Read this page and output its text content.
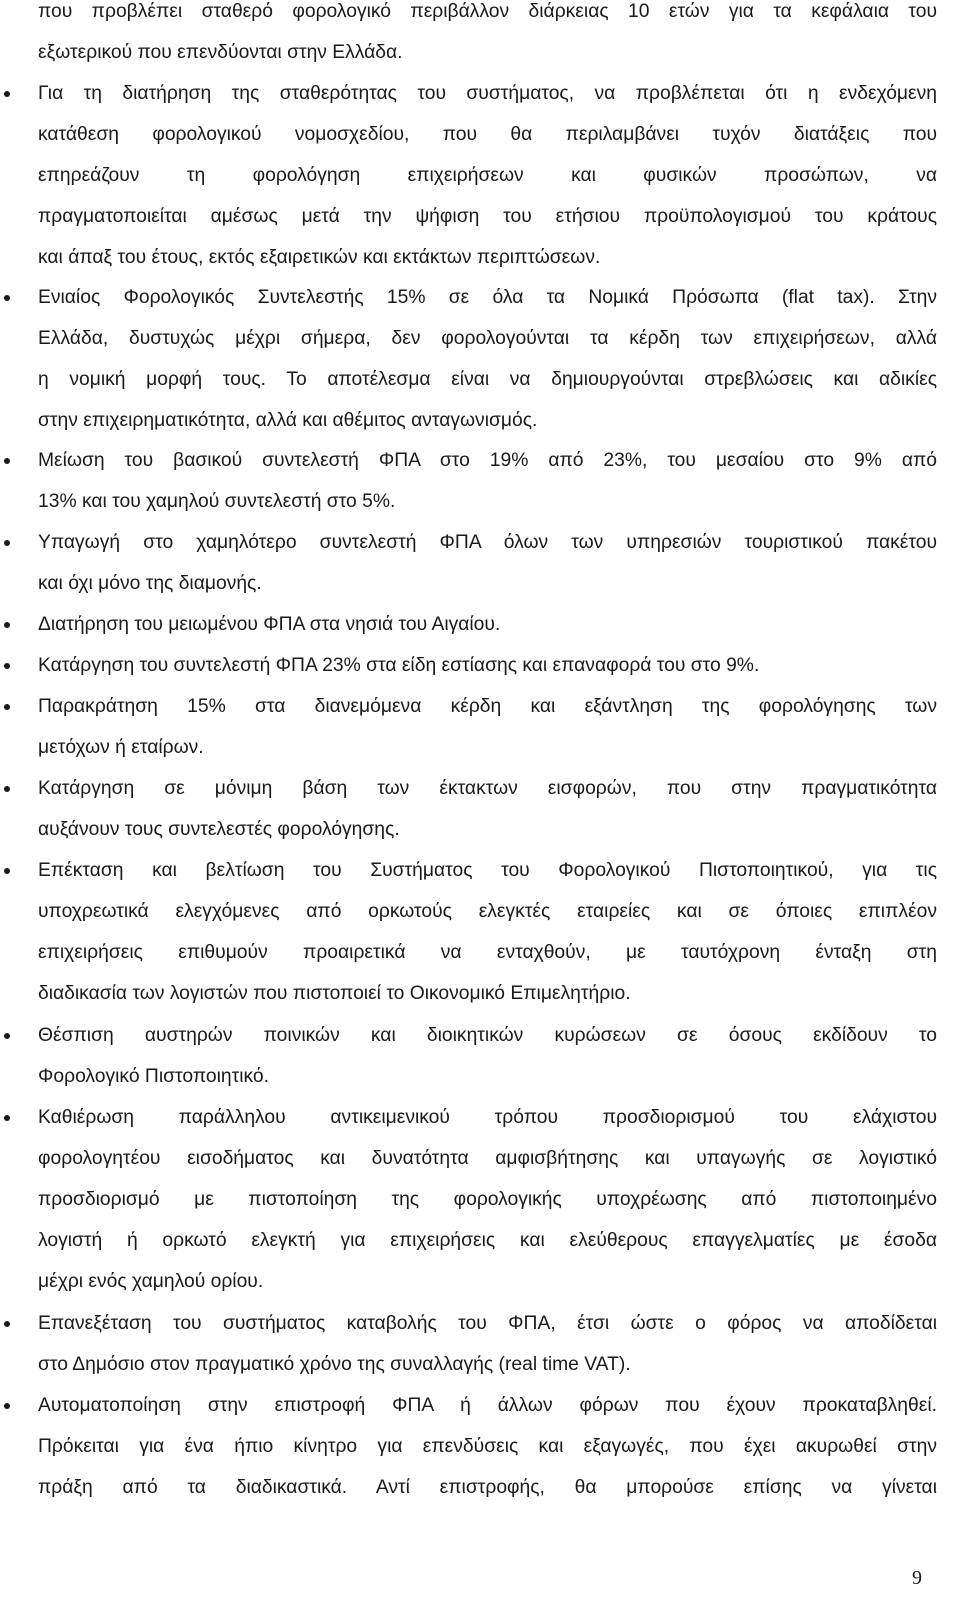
που προβλέπει σταθερό φορολογικό περιβάλλον διάρκειας 10 ετών για τα κεφάλαια του
εξωτερικού που επενδύονται στην Ελλάδα.
Για τη διατήρηση της σταθερότητας του συστήματος, να προβλέπεται ότι η ενδεχόμενη
κατάθεση φορολογικού νομοσχεδίου, που θα περιλαμβάνει τυχόν διατάξεις που
επηρεάζουν τη φορολόγηση επιχειρήσεων και φυσικών προσώπων, να
πραγματοποιείται αμέσως μετά την ψήφιση του ετήσιου προϋπολογισμού του κράτους
και άπαξ του έτους, εκτός εξαιρετικών και εκτάκτων περιπτώσεων.
Ενιαίος Φορολογικός Συντελεστής 15% σε όλα τα Νομικά Πρόσωπα (flat tax). Στην
Ελλάδα, δυστυχώς μέχρι σήμερα, δεν φορολογούνται τα κέρδη των επιχειρήσεων, αλλά
η νομική μορφή τους. Το αποτέλεσμα είναι να δημιουργούνται στρεβλώσεις και αδικίες
στην επιχειρηματικότητα, αλλά και αθέμιτος ανταγωνισμός.
Μείωση του βασικού συντελεστή ΦΠΑ στο 19% από 23%, του μεσαίου στο 9% από
13% και του χαμηλού συντελεστή στο 5%.
Υπαγωγή στο χαμηλότερο συντελεστή ΦΠΑ όλων των υπηρεσιών τουριστικού πακέτου
και όχι μόνο της διαμονής.
Διατήρηση του μειωμένου ΦΠΑ στα νησιά του Αιγαίου.
Κατάργηση του συντελεστή ΦΠΑ 23% στα είδη εστίασης και επαναφορά του στο 9%.
Παρακράτηση 15% στα διανεμόμενα κέρδη και εξάντληση της φορολόγησης των
μετόχων ή εταίρων.
Κατάργηση σε μόνιμη βάση των έκτακτων εισφορών, που στην πραγματικότητα
αυξάνουν τους συντελεστές φορολόγησης.
Επέκταση και βελτίωση του Συστήματος του Φορολογικού Πιστοποιητικού, για τις
υποχρεωτικά ελεγχόμενες από ορκωτούς ελεγκτές εταιρείες και σε όποιες επιπλέον
επιχειρήσεις επιθυμούν προαιρετικά να ενταχθούν, με ταυτόχρονη ένταξη στη
διαδικασία των λογιστών που πιστοποιεί το Οικονομικό Επιμελητήριο.
Θέσπιση αυστηρών ποινικών και διοικητικών κυρώσεων σε όσους εκδίδουν το
Φορολογικό Πιστοποιητικό.
Καθιέρωση παράλληλου αντικειμενικού τρόπου προσδιορισμού του ελάχιστου
φορολογητέου εισοδήματος και δυνατότητα αμφισβήτησης και υπαγωγής σε λογιστικό
προσδιορισμό με πιστοποίηση της φορολογικής υποχρέωσης από πιστοποιημένο
λογιστή ή ορκωτό ελεγκτή για επιχειρήσεις και ελεύθερους επαγγελματίες με έσοδα
μέχρι ενός χαμηλού ορίου.
Επανεξέταση του συστήματος καταβολής του ΦΠΑ, έτσι ώστε ο φόρος να αποδίδεται
στο Δημόσιο στον πραγματικό χρόνο της συναλλαγής (real time VAT).
Αυτοματοποίηση στην επιστροφή ΦΠΑ ή άλλων φόρων που έχουν προκαταβληθεί.
Πρόκειται για ένα ήπιο κίνητρο για επενδύσεις και εξαγωγές, που έχει ακυρωθεί στην
πράξη από τα διαδικαστικά. Αντί επιστροφής, θα μπορούσε επίσης να γίνεται
9
